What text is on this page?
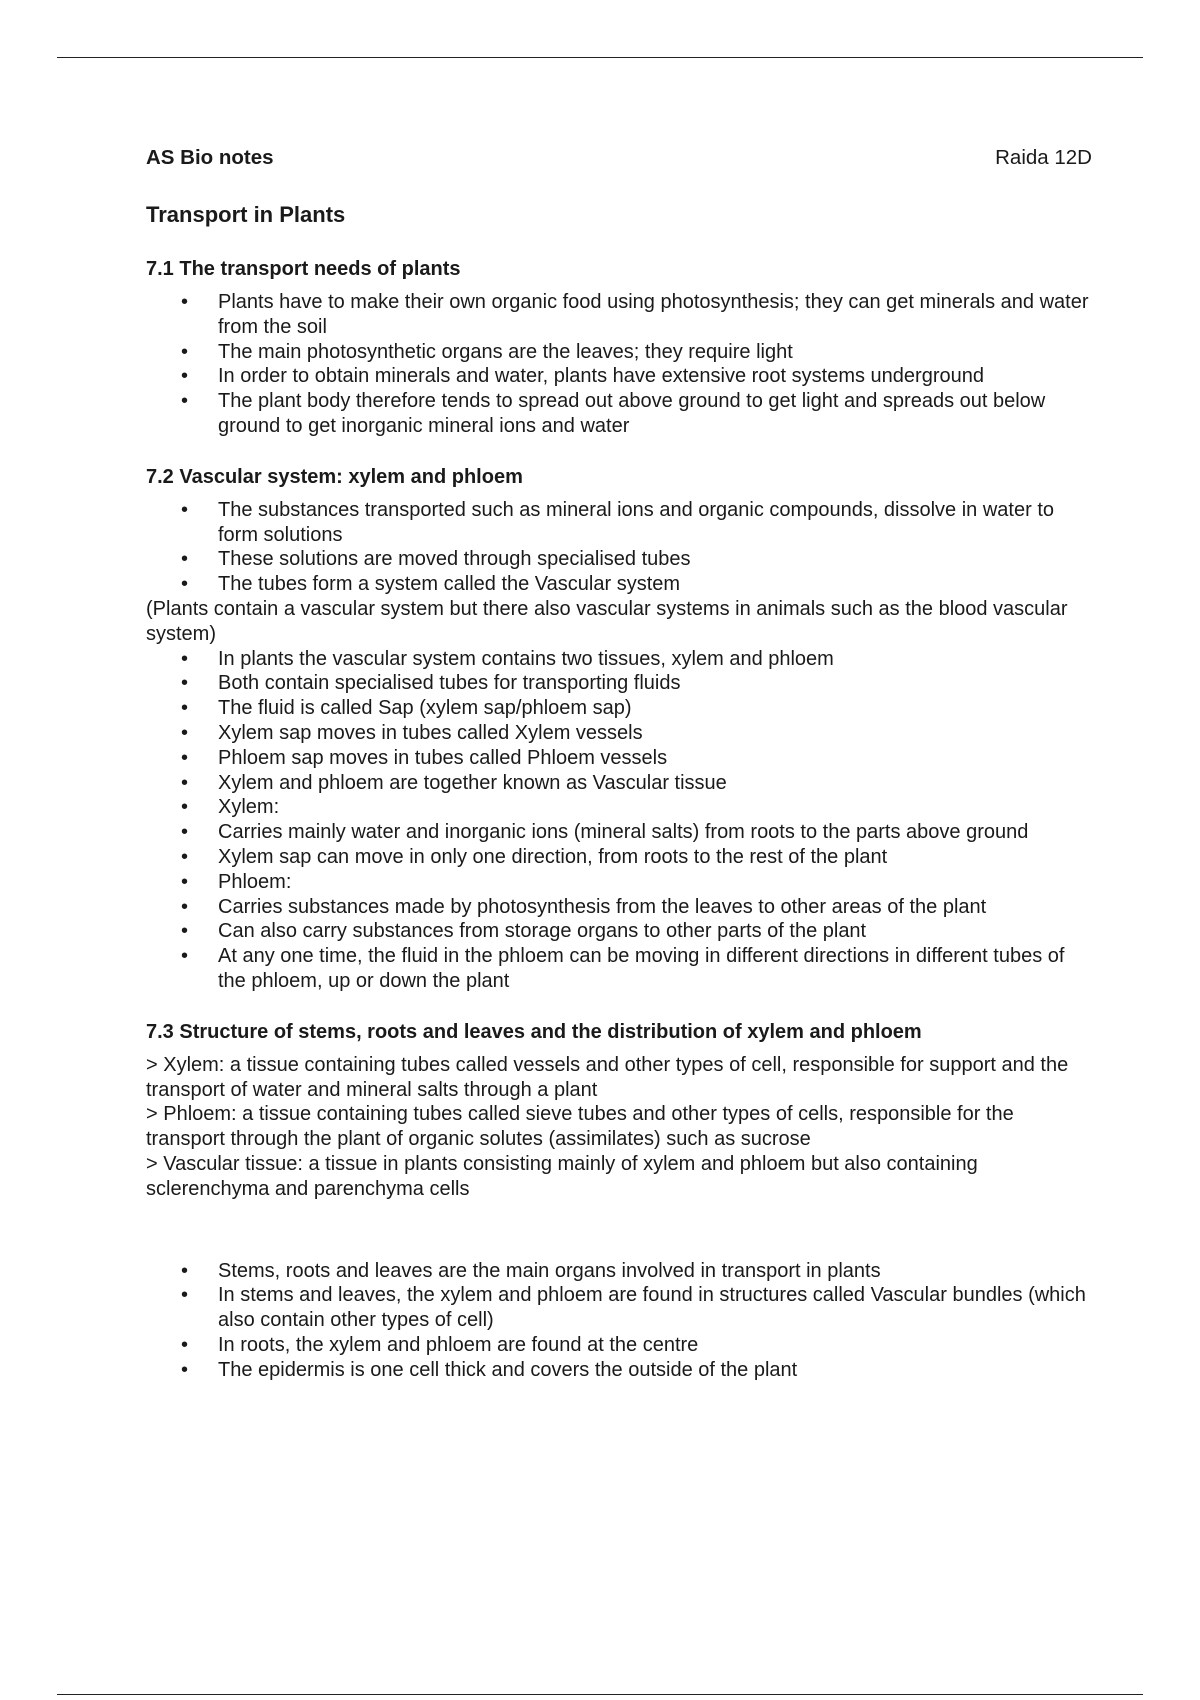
AS Bio notes	Raida 12D
Transport in Plants
7.1 The transport needs of plants
• Plants have to make their own organic food using photosynthesis; they can get minerals and water from the soil
• The main photosynthetic organs are the leaves; they require light
• In order to obtain minerals and water, plants have extensive root systems underground
• The plant body therefore tends to spread out above ground to get light and spreads out below ground to get inorganic mineral ions and water
7.2 Vascular system: xylem and phloem
• The substances transported such as mineral ions and organic compounds, dissolve in water to form solutions
• These solutions are moved through specialised tubes
• The tubes form a system called the Vascular system
(Plants contain a vascular system but there also vascular systems in animals such as the blood vascular system)
• In plants the vascular system contains two tissues, xylem and phloem
• Both contain specialised tubes for transporting fluids
• The fluid is called Sap (xylem sap/phloem sap)
• Xylem sap moves in tubes called Xylem vessels
• Phloem sap moves in tubes called Phloem vessels
• Xylem and phloem are together known as Vascular tissue
• Xylem:
• Carries mainly water and inorganic ions (mineral salts) from roots to the parts above ground
• Xylem sap can move in only one direction, from roots to the rest of the plant
• Phloem:
• Carries substances made by photosynthesis from the leaves to other areas of the plant
• Can also carry substances from storage organs to other parts of the plant
• At any one time, the fluid in the phloem can be moving in different directions in different tubes of the phloem, up or down the plant
7.3 Structure of stems, roots and leaves and the distribution of xylem and phloem
> Xylem: a tissue containing tubes called vessels and other types of cell, responsible for support and the transport of water and mineral salts through a plant
> Phloem: a tissue containing tubes called sieve tubes and other types of cells, responsible for the transport through the plant of organic solutes (assimilates) such as sucrose
> Vascular tissue: a tissue in plants consisting mainly of xylem and phloem but also containing sclerenchyma and parenchyma cells
• Stems, roots and leaves are the main organs involved in transport in plants
• In stems and leaves, the xylem and phloem are found in structures called Vascular bundles (which also contain other types of cell)
• In roots, the xylem and phloem are found at the centre
• The epidermis is one cell thick and covers the outside of the plant
